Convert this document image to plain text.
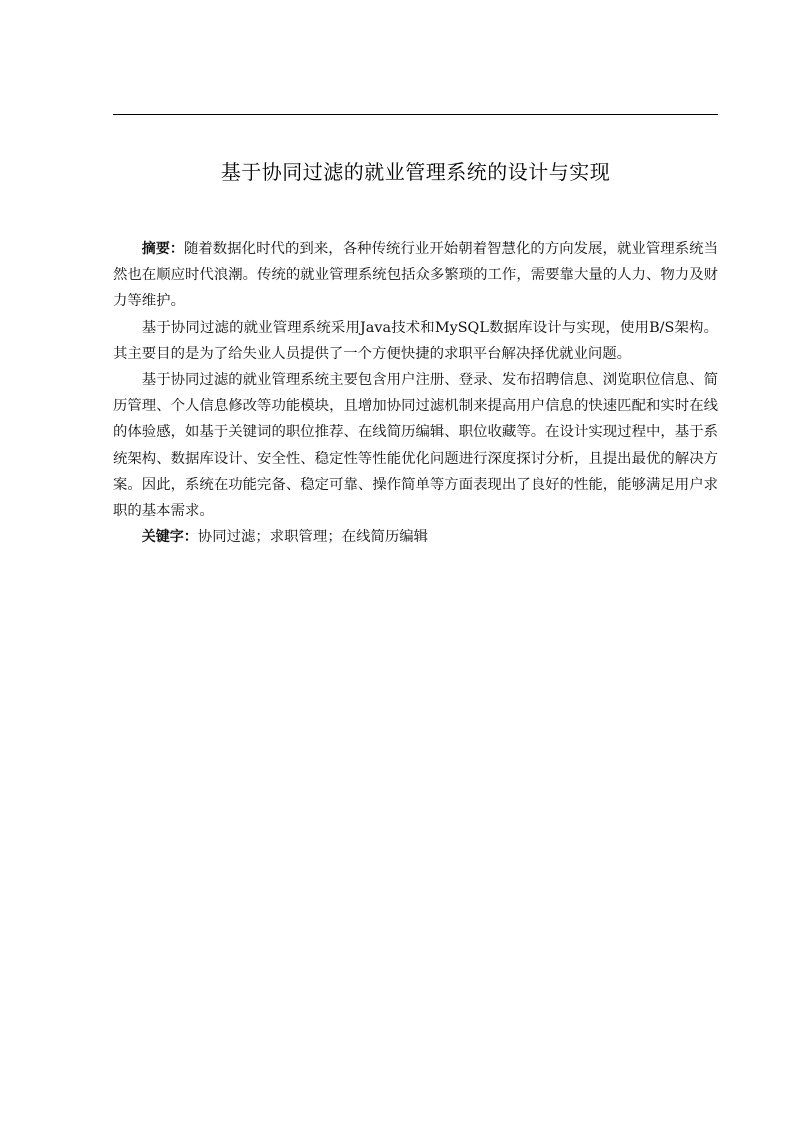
基于协同过滤的就业管理系统的设计与实现

摘要：随着数据化时代的到来，各种传统行业开始朝着智慧化的方向发展，就业管理系统当然也在顺应时代浪潮。传统的就业管理系统包括众多繁琐的工作，需要靠大量的人力、物力及财力等维护。

基于协同过滤的就业管理系统采用Java技术和MySQL数据库设计与实现，使用B/S架构。其主要目的是为了给失业人员提供了一个方便快捷的求职平台解决择优就业问题。

基于协同过滤的就业管理系统主要包含用户注册、登录、发布招聘信息、浏览职位信息、简历管理、个人信息修改等功能模块，且增加协同过滤机制来提高用户信息的快速匹配和实时在线的体验感，如基于关键词的职位推荐、在线简历编辑、职位收藏等。在设计实现过程中，基于系统架构、数据库设计、安全性、稳定性等性能优化问题进行深度探讨分析，且提出最优的解决方案。因此，系统在功能完备、稳定可靠、操作简单等方面表现出了良好的性能，能够满足用户求职的基本需求。

关键字：协同过滤；求职管理；在线简历编辑
